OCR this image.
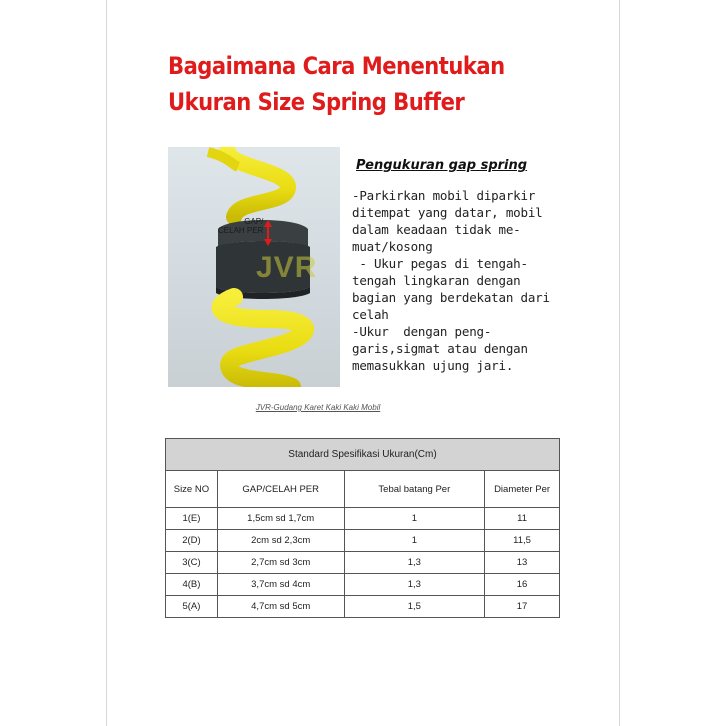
Bagaimana Cara Menentukan
Ukuran Size Spring Buffer
GAP/
CELAH PER
JVR
Pengukuran gap spring
-Parkirkan mobil diparkir
ditempat yang datar, mobil
dalam keadaan tidak me-
muat/kosong
- Ukur pegas di tengah-
tengah lingkaran dengan
bagian yang berdekatan dari
celah
-Ukur  dengan peng-
garis,sigmat atau dengan
memasukkan ujung jari.
JVR-Gudang Karet Kaki Kaki Mobil
Standard Spesifikasi Ukuran(Cm)			
Size NO	GAP/CELAH PER	Tebal batang Per	Diameter Per
1(E)	1,5cm sd 1,7cm	1	11
2(D)	2cm sd 2,3cm	1	11,5
3(C)	2,7cm sd 3cm	1,3	13
4(B)	3,7cm sd 4cm	1,3	16
5(A)	4,7cm sd 5cm	1,5	17
